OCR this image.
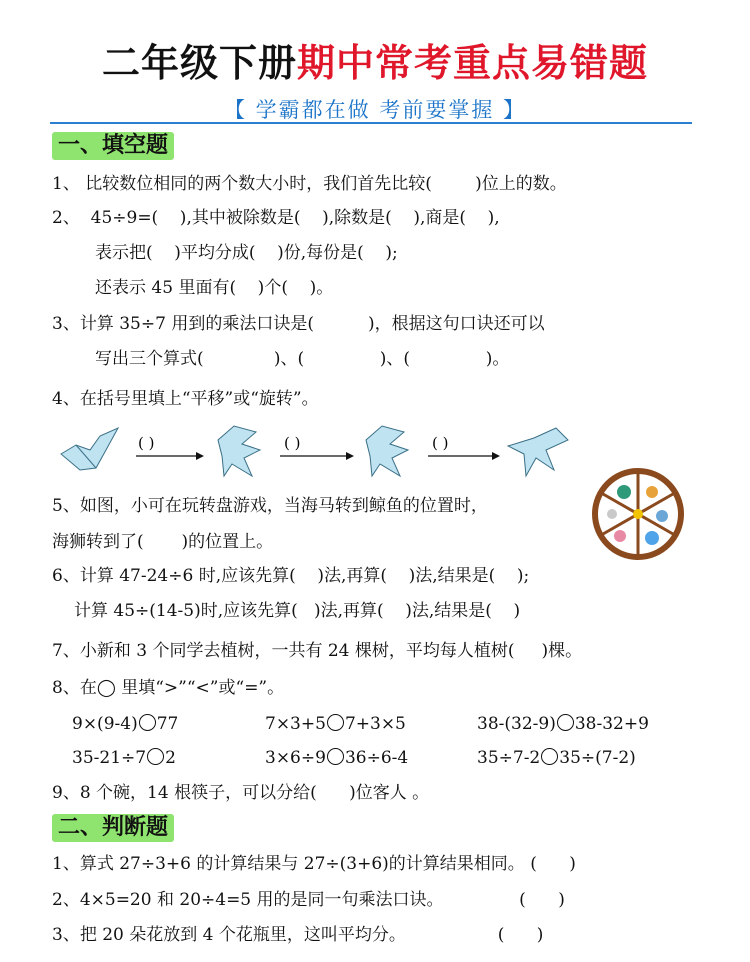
二年级下册期中常考重点易错题
【 学霸都在做 考前要掌握 】
一、填空题
1、 比较数位相同的两个数大小时，我们首先比较(        )位上的数。
2、  45÷9=(    ),其中被除数是(    ),除数是(    ),商是(    ),
表示把(    )平均分成(    )份,每份是(    );
还表示 45 里面有(    )个(    )。
3、计算 35÷7 用到的乘法口诀是(          )，根据这句口诀还可以
写出三个算式(             )、(              )、(              )。
4、在括号里填上“平移”或“旋转”。
( )	( )	( )
5、如图，小可在玩转盘游戏，当海马转到鲸鱼的位置时，
海狮转到了(       )的位置上。
6、计算 47-24÷6 时,应该先算(    )法,再算(    )法,结果是(    );
计算 45÷(14-5)时,应该先算(   )法,再算(    )法,结果是(    )
7、小新和 3 个同学去植树，一共有 24 棵树，平均每人植树(     )棵。
8、在◯ 里填“>”“<”或“=”。
9×(9-4) 77	7×3+5 7+3×5	38-(32-9) 38-32+9
35-21÷7 2	3×6÷9 36÷6-4	35÷7-2 35÷(7-2)
9、8 个碗，14 根筷子，可以分给(      )位客人 。
二、判断题
1、算式 27÷3+6 的计算结果与 27÷(3+6)的计算结果相同。 (      )
2、4×5=20 和 20÷4=5 用的是同一句乘法口诀。              (      )
3、把 20 朵花放到 4 个花瓶里，这叫平均分。                 (      )
